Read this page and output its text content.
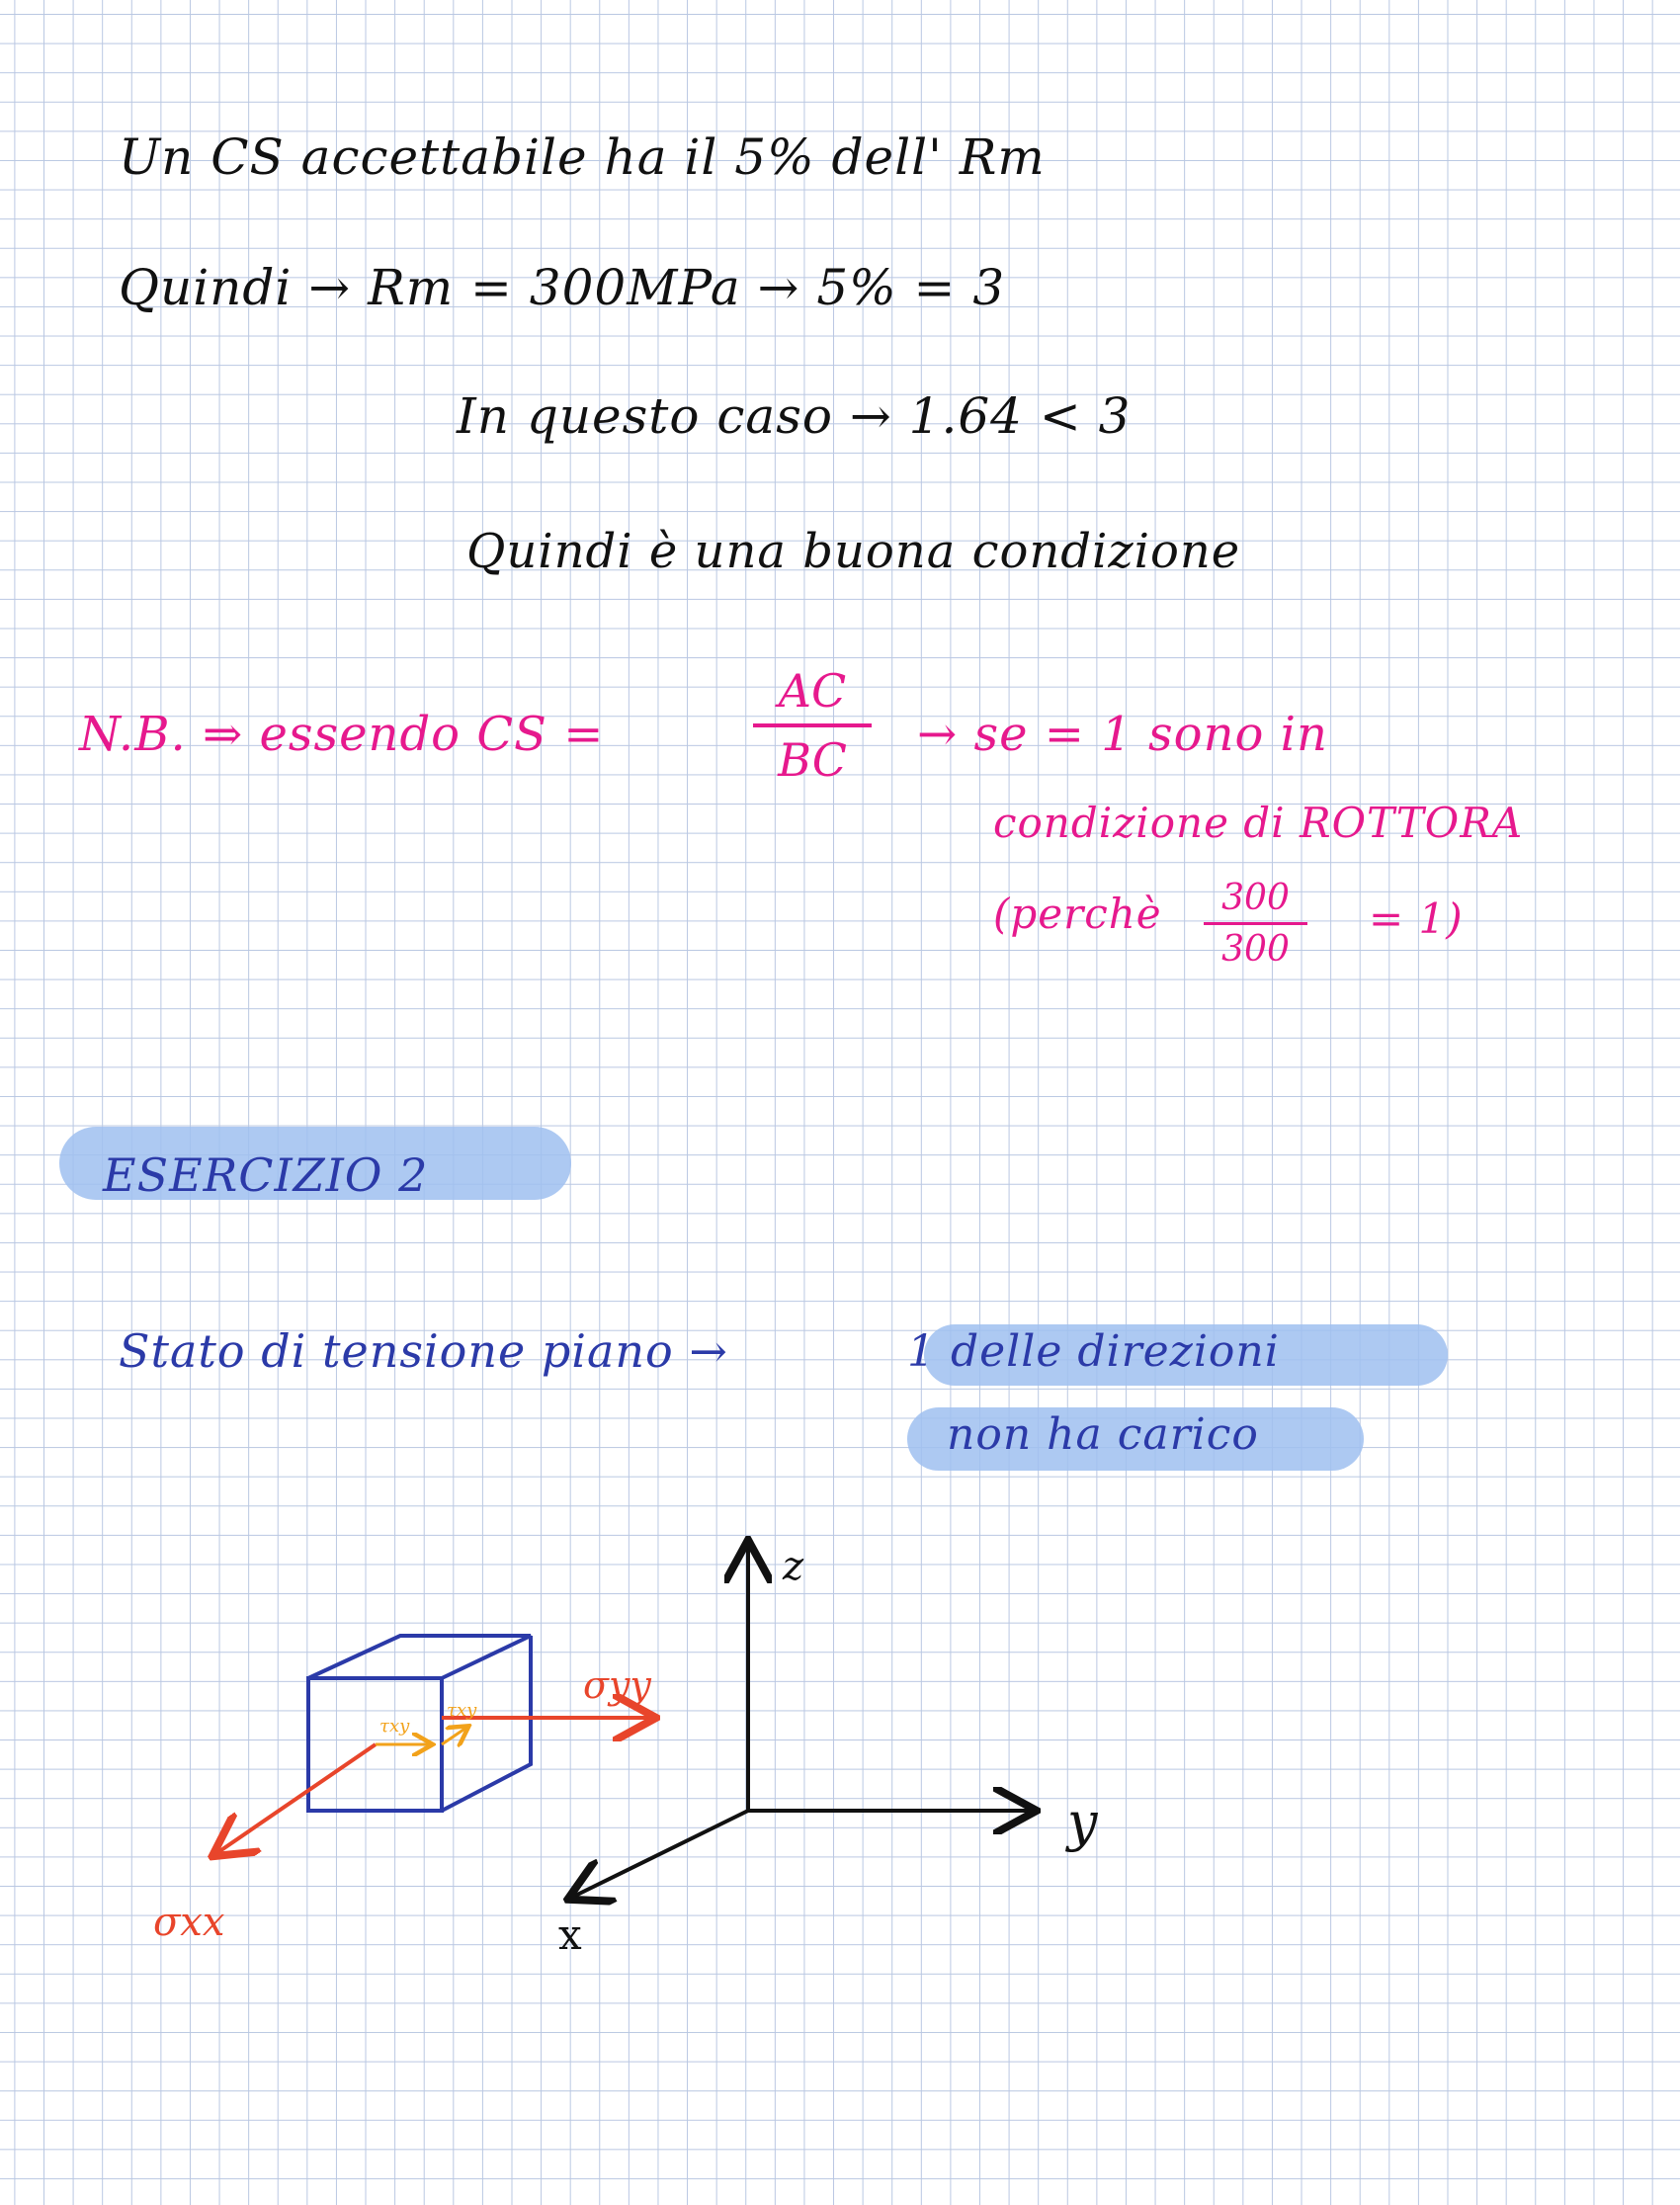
Un CS accettabile ha il 5% dell' Rm
Quindi → Rm = 300MPa → 5% = 3
In questo caso → 1.64 < 3
Quindi è una buona condizione
N.B. ⇒ essendo CS =
AC
BC	→ se = 1 sono in
condizione di ROTTORA
(perchè	300
300
= 1)
ESERCIZIO 2
Stato di tensione piano →	1 delle direzioni
non ha carico
z
y
x
σyy
σxx
τxy
τxy
